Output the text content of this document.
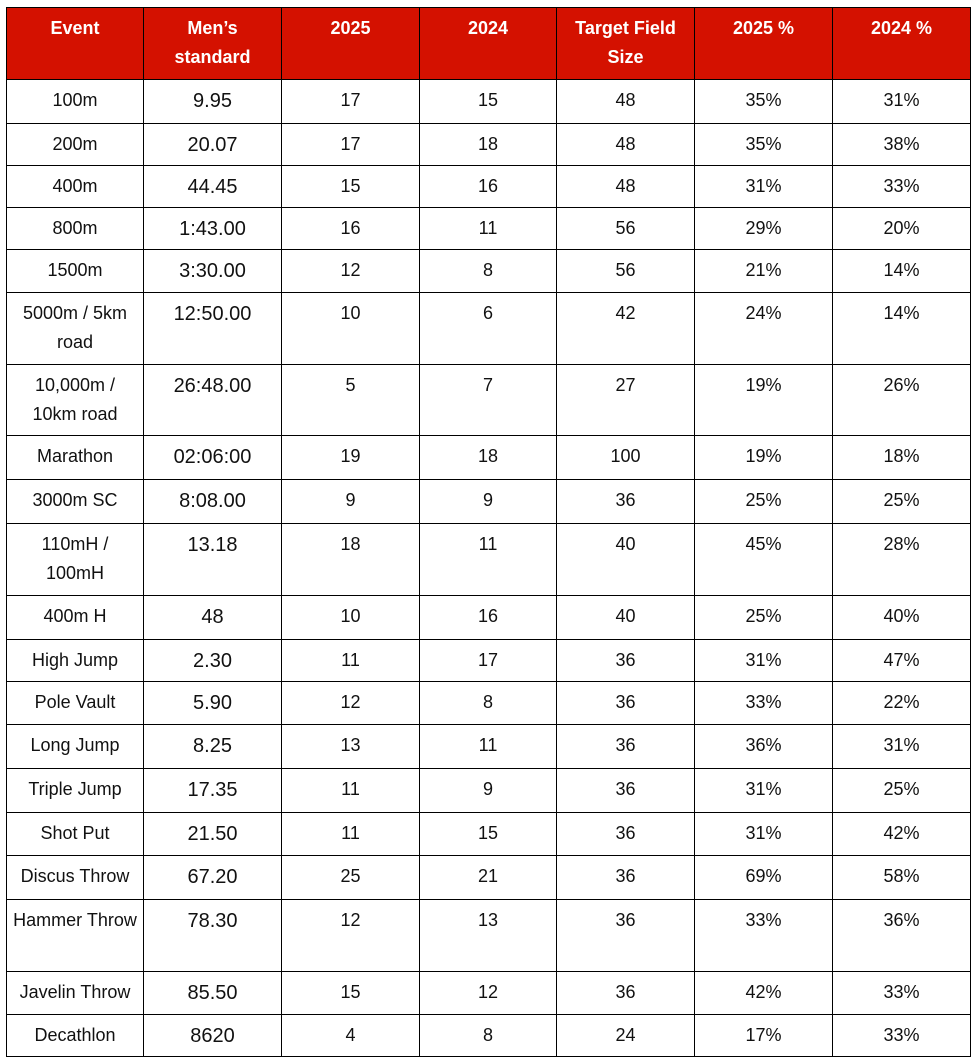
Event	Men’s standard	2025	2024	Target Field Size	2025 %	2024 %
100m	9.95	17	15	48	35%	31%
200m	20.07	17	18	48	35%	38%
400m	44.45	15	16	48	31%	33%
800m	1:43.00	16	11	56	29%	20%
1500m	3:30.00	12	8	56	21%	14%
5000m / 5km road	12:50.00	10	6	42	24%	14%
10,000m / 10km road	26:48.00	5	7	27	19%	26%
Marathon	02:06:00	19	18	100	19%	18%
3000m SC	8:08.00	9	9	36	25%	25%
110mH / 100mH	13.18	18	11	40	45%	28%
400m H	48	10	16	40	25%	40%
High Jump	2.30	11	17	36	31%	47%
Pole Vault	5.90	12	8	36	33%	22%
Long Jump	8.25	13	11	36	36%	31%
Triple Jump	17.35	11	9	36	31%	25%
Shot Put	21.50	11	15	36	31%	42%
Discus Throw	67.20	25	21	36	69%	58%
Hammer Throw	78.30	12	13	36	33%	36%
Javelin Throw	85.50	15	12	36	42%	33%
Decathlon	8620	4	8	24	17%	33%
